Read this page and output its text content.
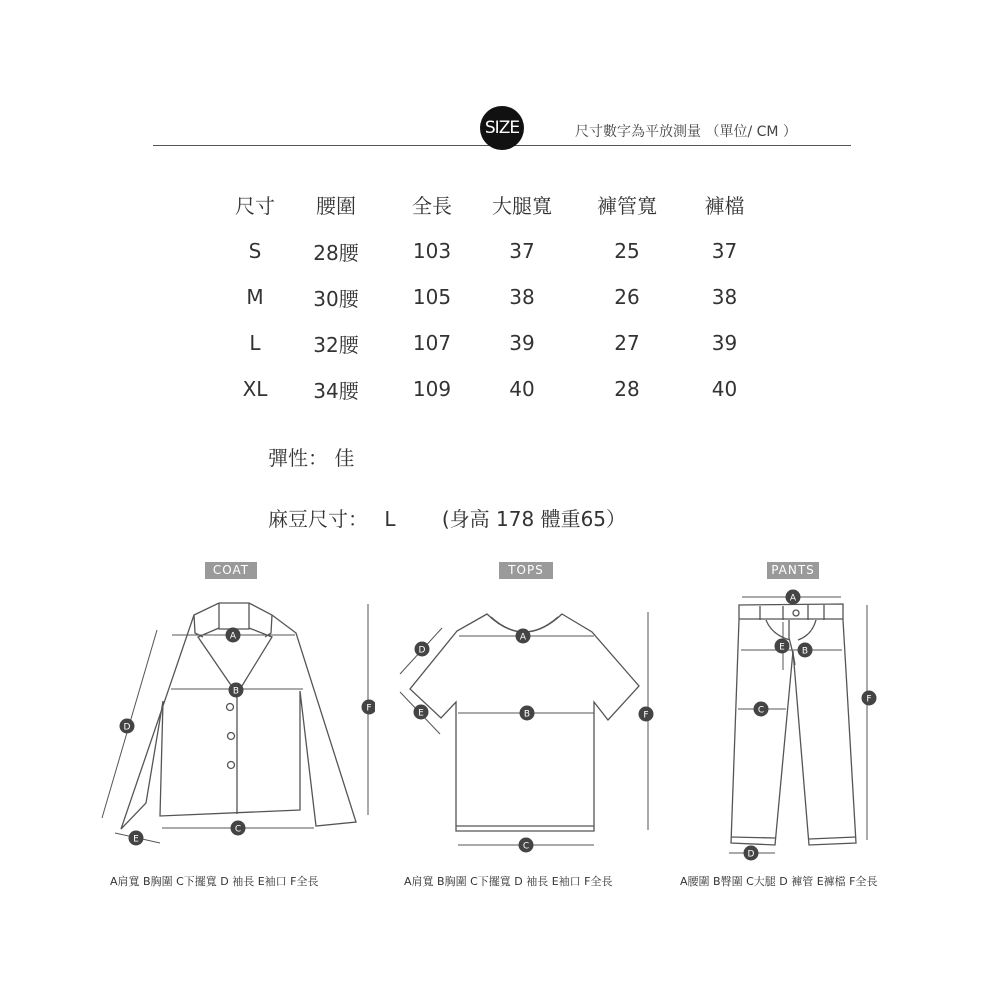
SIZE	尺寸數字為平放測量 （單位/ CM ）
尺寸	腰圍	全長	大腿寬	褲管寬	褲檔
S	28腰	103	37	25	37
M	30腰	105	38	26	38
L	32腰	107	39	27	39
XL	34腰	109	40	28	40
彈性： 佳
麻豆尺寸： L (身高 178 體重65）
COAT	TOPS	PANTS
A
B
C
D
E
F
A
B
C
D
E	F
A
B
C
D
E
F
A肩寬 B胸圍 C下擺寬 D 袖長 E袖口 F全長	A肩寬 B胸圍 C下擺寬 D 袖長 E袖口 F全長	A腰圍 B臀圍 C大腿 D 褲管 E褲檔 F全長
